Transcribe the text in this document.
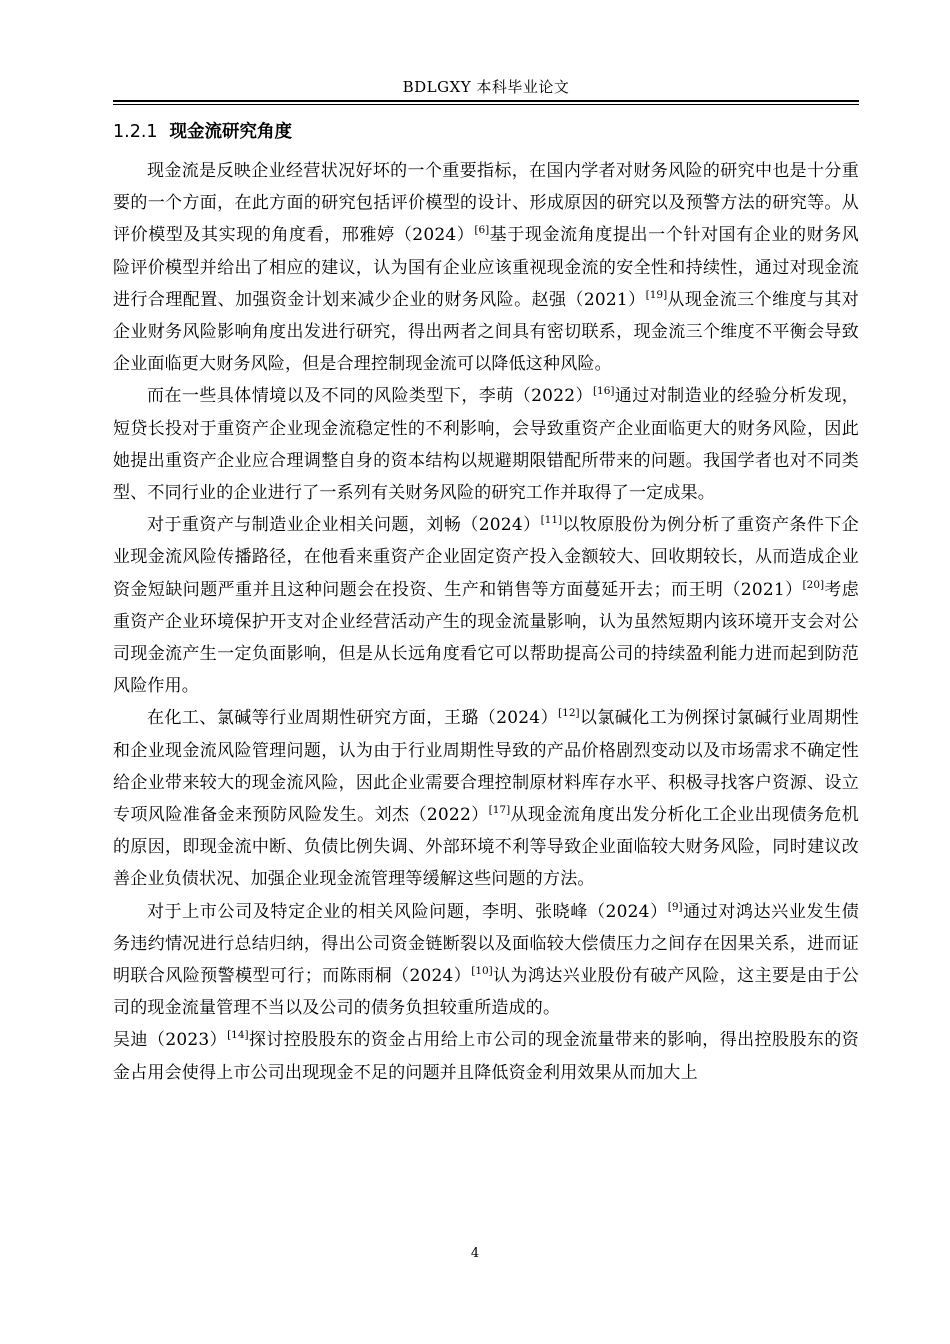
BDLGXY 本科毕业论文
1.2.1 现金流研究角度

现金流是反映企业经营状况好坏的一个重要指标，在国内学者对财务风险的研究中也是十分重要的一个方面，在此方面的研究包括评价模型的设计、形成原因的研究以及预警方法的研究等。从评价模型及其实现的角度看，邢雅婷（2024）[6]基于现金流角度提出一个针对国有企业的财务风险评价模型并给出了相应的建议，认为国有企业应该重视现金流的安全性和持续性，通过对现金流进行合理配置、加强资金计划来减少企业的财务风险。赵强（2021）[19]从现金流三个维度与其对企业财务风险影响角度出发进行研究，得出两者之间具有密切联系，现金流三个维度不平衡会导致企业面临更大财务风险，但是合理控制现金流可以降低这种风险。

而在一些具体情境以及不同的风险类型下，李萌（2022）[16]通过对制造业的经验分析发现，短贷长投对于重资产企业现金流稳定性的不利影响，会导致重资产企业面临更大的财务风险，因此她提出重资产企业应合理调整自身的资本结构以规避期限错配所带来的问题。我国学者也对不同类型、不同行业的企业进行了一系列有关财务风险的研究工作并取得了一定成果。

对于重资产与制造业企业相关问题，刘畅（2024）[11]以牧原股份为例分析了重资产条件下企业现金流风险传播路径，在他看来重资产企业固定资产投入金额较大、回收期较长，从而造成企业资金短缺问题严重并且这种问题会在投资、生产和销售等方面蔓延开去；而王明（2021）[20]考虑重资产企业环境保护开支对企业经营活动产生的现金流量影响，认为虽然短期内该环境开支会对公司现金流产生一定负面影响，但是从长远角度看它可以帮助提高公司的持续盈利能力进而起到防范风险作用。

在化工、氯碱等行业周期性研究方面，王璐（2024）[12]以氯碱化工为例探讨氯碱行业周期性和企业现金流风险管理问题，认为由于行业周期性导致的产品价格剧烈变动以及市场需求不确定性给企业带来较大的现金流风险，因此企业需要合理控制原材料库存水平、积极寻找客户资源、设立专项风险准备金来预防风险发生。刘杰（2022）[17]从现金流角度出发分析化工企业出现债务危机的原因，即现金流中断、负债比例失调、外部环境不利等导致企业面临较大财务风险，同时建议改善企业负债状况、加强企业现金流管理等缓解这些问题的方法。

对于上市公司及特定企业的相关风险问题，李明、张晓峰（2024）[9]通过对鸿达兴业发生债务违约情况进行总结归纳，得出公司资金链断裂以及面临较大偿债压力之间存在因果关系，进而证明联合风险预警模型可行；而陈雨桐（2024）[10]认为鸿达兴业股份有破产风险，这主要是由于公司的现金流量管理不当以及公司的债务负担较重所造成的。

吴迪（2023）[14]探讨控股股东的资金占用给上市公司的现金流量带来的影响，得出控股股东的资金占用会使得上市公司出现现金不足的问题并且降低资金利用效果从而加大上

4
